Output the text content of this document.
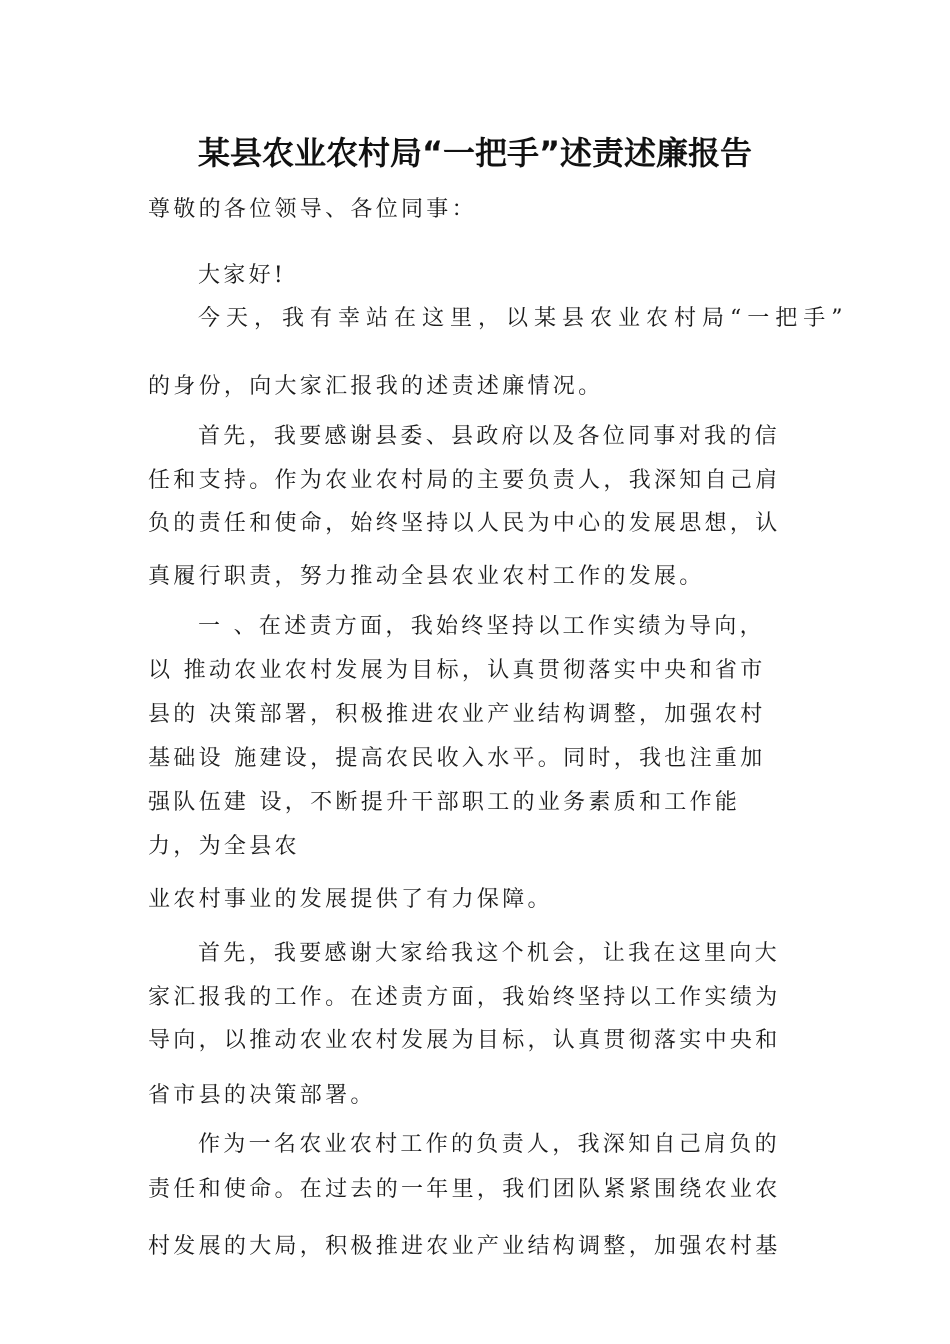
某县农业农村局“一把手”述责述廉报告
尊敬的各位领导、各位同事：
大家好!
今天，我有幸站在这里，以某县农业农村局“一把手”
的身份，向大家汇报我的述责述廉情况。
首先，我要感谢县委、县政府以及各位同事对我的信
任和支持。作为农业农村局的主要负责人，我深知自己肩
负的责任和使命，始终坚持以人民为中心的发展思想，认
真履行职责，努力推动全县农业农村工作的发展。
一 、在述责方面，我始终坚持以工作实绩为导向，
以 推动农业农村发展为目标，认真贯彻落实中央和省市
县的 决策部署，积极推进农业产业结构调整，加强农村
基础设 施建设，提高农民收入水平。同时，我也注重加
强队伍建 设，不断提升干部职工的业务素质和工作能
力，为全县农
业农村事业的发展提供了有力保障。
首先，我要感谢大家给我这个机会，让我在这里向大
家汇报我的工作。在述责方面，我始终坚持以工作实绩为
导向，以推动农业农村发展为目标，认真贯彻落实中央和
省市县的决策部署。
作为一名农业农村工作的负责人，我深知自己肩负的
责任和使命。在过去的一年里，我们团队紧紧围绕农业农
村发展的大局，积极推进农业产业结构调整，加强农村基
